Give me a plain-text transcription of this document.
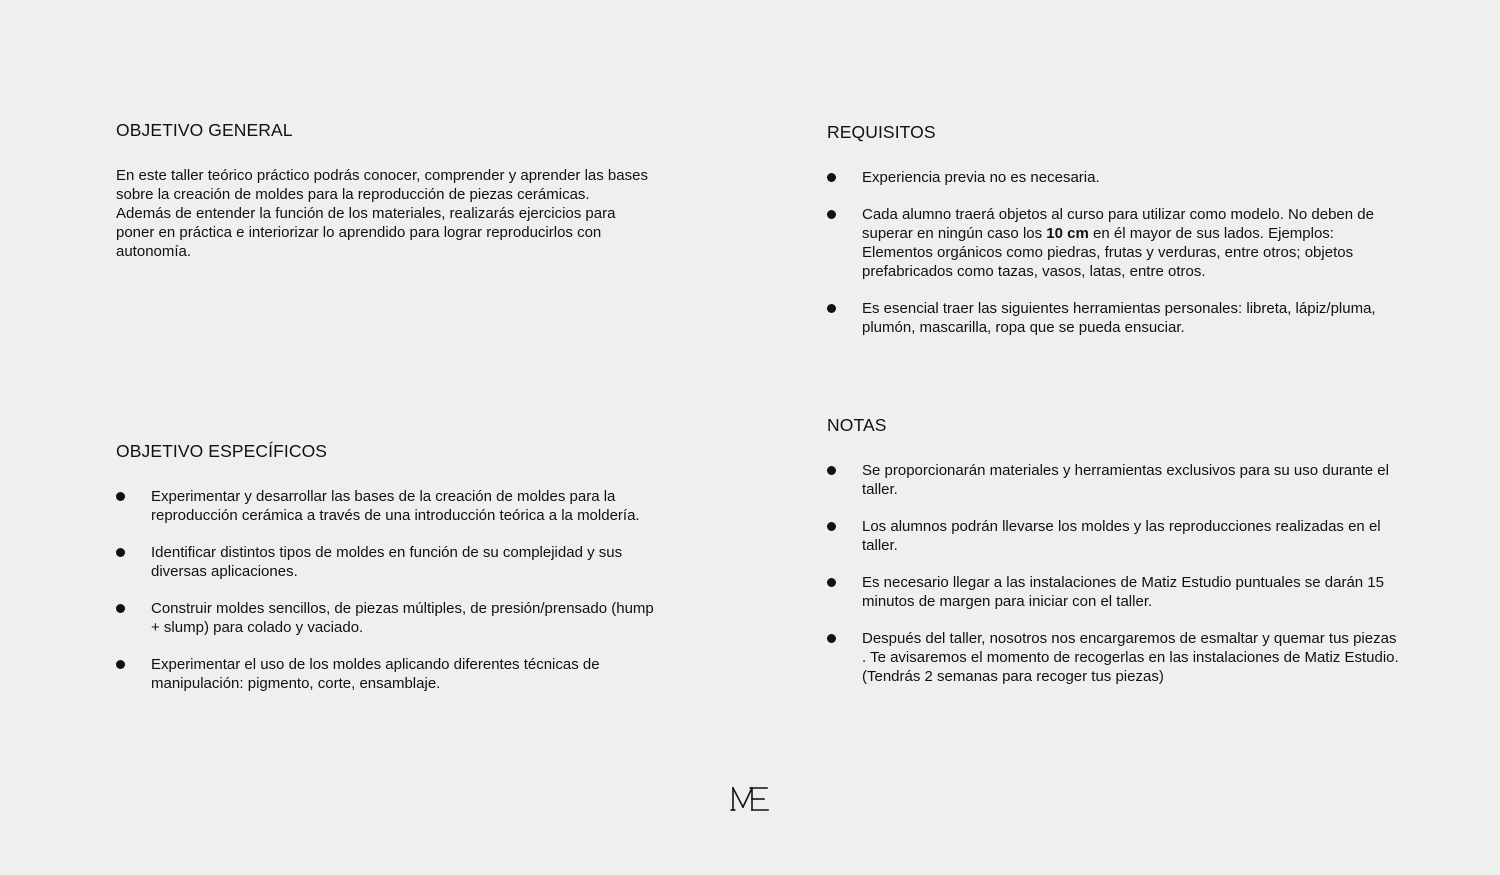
OBJETIVO GENERAL

En este taller teórico práctico podrás conocer, comprender y aprender las bases sobre la creación de moldes para la reproducción de piezas cerámicas.
Además de entender la función de los materiales, realizarás ejercicios para poner en práctica e interiorizar lo aprendido para lograr reproducirlos con autonomía.

OBJETIVO ESPECÍFICOS
Experimentar y desarrollar las bases de la creación de moldes para la reproducción cerámica a través de una introducción teórica a la moldería.
Identificar distintos tipos de moldes en función de su complejidad y sus diversas aplicaciones.
Construir moldes sencillos, de piezas múltiples, de presión/prensado (hump + slump) para colado y vaciado.
Experimentar el uso de los moldes aplicando diferentes técnicas de manipulación: pigmento, corte, ensamblaje.
REQUISITOS
Experiencia previa no es necesaria.
Cada alumno traerá objetos al curso para utilizar como modelo. No deben de superar en ningún caso los 10 cm en él mayor de sus lados. Ejemplos: Elementos orgánicos como piedras, frutas y verduras, entre otros; objetos prefabricados como tazas, vasos, latas, entre otros.
Es esencial traer las siguientes herramientas personales: libreta, lápiz/pluma, plumón, mascarilla, ropa que se pueda ensuciar.
NOTAS
Se proporcionarán materiales y herramientas exclusivos para su uso durante el taller.
Los alumnos podrán llevarse los moldes y las reproducciones realizadas en el taller.
Es necesario llegar a las instalaciones de Matiz Estudio puntuales se darán 15 minutos de margen para iniciar con el taller.
Después del taller, nosotros nos encargaremos de esmaltar y quemar tus piezas . Te avisaremos el momento de recogerlas en las instalaciones de Matiz Estudio. (Tendrás 2 semanas para recoger tus piezas)
